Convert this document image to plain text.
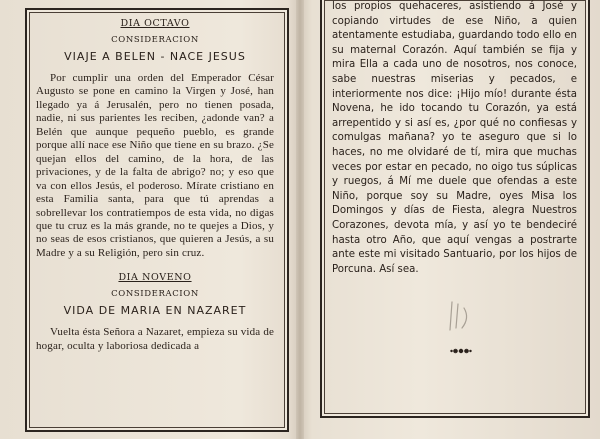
DIA OCTAVO
CONSIDERACION
VIAJE A BELEN - NACE JESUS

Por cumplir una orden del Emperador César Augusto se pone en camino la Virgen y José, han llegado ya á Jerusalén, pero no tienen posada, nadie, ni sus parientes les reciben, ¿adonde van? a Belén que aunque pequeño pueblo, es grande porque allí nace ese Niño que tiene en su brazo. ¿Se quejan ellos del camino, de la hora, de las privaciones, y de la falta de abrigo? no; y eso que va con ellos Jesús, el poderoso. Mírate cristiano en esta Familia santa, para que tú aprendas a sobrellevar los contratiempos de esta vida, no digas que tu cruz es la más grande, no te quejes a Dios, y no seas de esos cristianos, que quieren a Jesús, a su Madre y a su Religión, pero sin cruz.

DIA NOVENO
CONSIDERACION
VIDA DE MARIA EN NAZARET

Vuelta ésta Señora a Nazaret, empieza su vida de hogar, oculta y laboriosa dedicada a

los propios quehaceres, asistiendo á José y copiando virtudes de ese Niño, a quien atentamente estudiaba, guardando todo ello en su maternal Corazón. Aquí también se fija y mira Ella a cada uno de nosotros, nos conoce, sabe nuestras miserias y pecados, e interiormente nos dice: ¡Hijo mío! durante ésta Novena, he ido tocando tu Corazón, ya está arrepentido y si así es, ¿por qué no confiesas y comulgas mañana? yo te aseguro que si lo haces, no me olvidaré de tí, mira que muchas veces por estar en pecado, no oigo tus súplicas y ruegos, á Mí me duele que ofendas a este Niño, porque soy su Madre, oyes Misa los Domingos y días de Fiesta, alegra Nuestros Corazones, devota mía, y así yo te bendeciré hasta otro Año, que aquí vengas a postrarte ante este mi visitado Santuario, por los hijos de Porcuna. Así sea.
